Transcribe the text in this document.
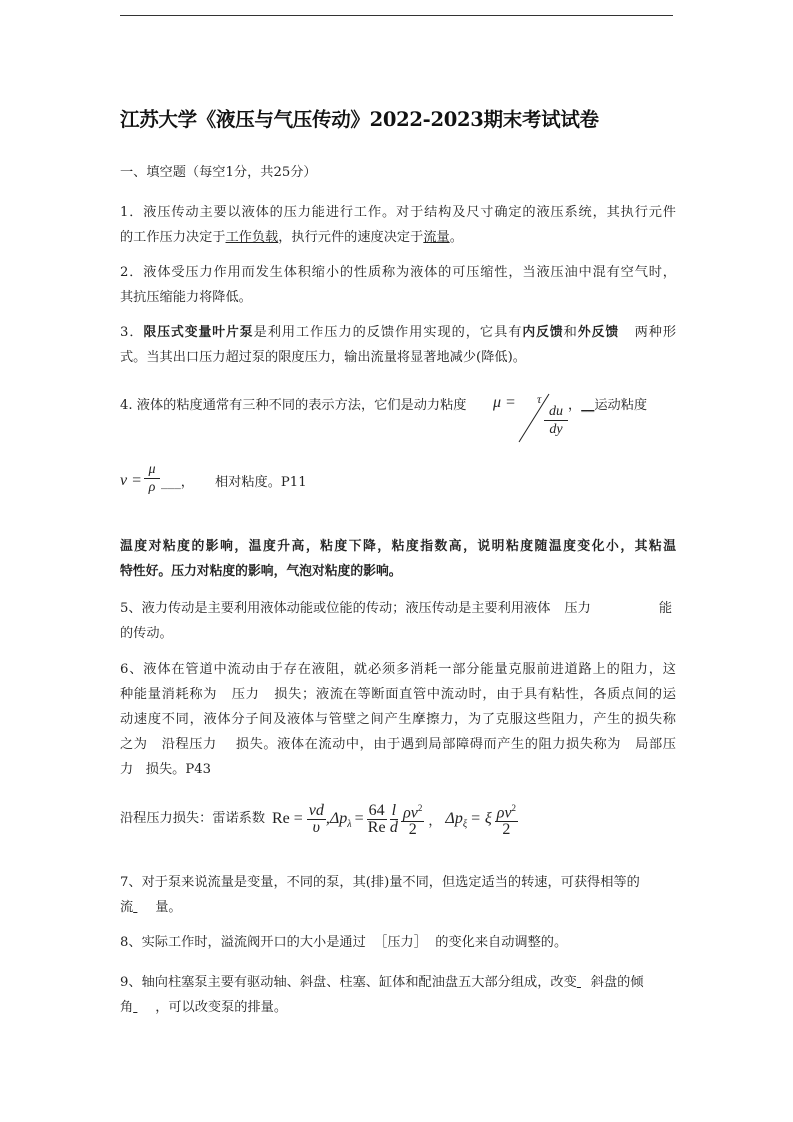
江苏大学《液压与气压传动》2022-2023期末考试试卷
一、填空题（每空1分，共25分）
1．液压传动主要以液体的压力能进行工作。对于结构及尺寸确定的液压系统，其执行元件
的工作压力决定于工作负载，执行元件的速度决定于流量。
2．液体受压力作用而发生体积缩小的性质称为液体的可压缩性，当液压油中混有空气时，
其抗压缩能力将降低。
3．限压式变量叶片泵是利用工作压力的反馈作用实现的，它具有内反馈和外反馈 两种形
式。当其出口压力超过泵的限度压力，输出流量将显著地减少(降低)。
4. 液体的粘度通常有三种不同的表示方法，它们是动力粘度 μ = τ
du
dy
，__运动粘度
ν =
μ
ρ ___， 相对粘度。P11
温度对粘度的影响，温度升高，粘度下降，粘度指数高，说明粘度随温度变化小，其粘温
特性好。压力对粘度的影响，气泡对粘度的影响。
5、液力传动是主要利用液体动能或位能的传动；液压传动是主要利用液体 压力	能
的传动。
6、液体在管道中流动由于存在液阻，就必须多消耗一部分能量克服前进道路上的阻力，这
种能量消耗称为   压力   损失；液流在等断面直管中流动时，由于具有粘性，各质点间的运
动速度不同，液体分子间及液体与管壁之间产生摩擦力，为了克服这些阻力，产生的损失称
之为   沿程压力    损失。液体在流动中，由于遇到局部障碍而产生的阻力损失称为   局部压
力   损失。P43
沿程压力损失：雷诺系数 $Re = \frac{vd}{\upsilon} ,\Delta p_\lambda = \frac{64}{Re} \frac{l}{d} \frac{\rho v^2}{2}$ ， $\Delta p_\xi = \xi \frac{\rho v^2}{2}$
7、对于泵来说流量是变量，不同的泵，其(排)量不同，但选定适当的转速，可获得相等的
流 量。
8、实际工作时，溢流阀开口的大小是通过  ［压力］  的变化来自动调整的。
9、轴向柱塞泵主要有驱动轴、斜盘、柱塞、缸体和配油盘五大部分组成，改变 斜盘的倾
角 ，可以改变泵的排量。
